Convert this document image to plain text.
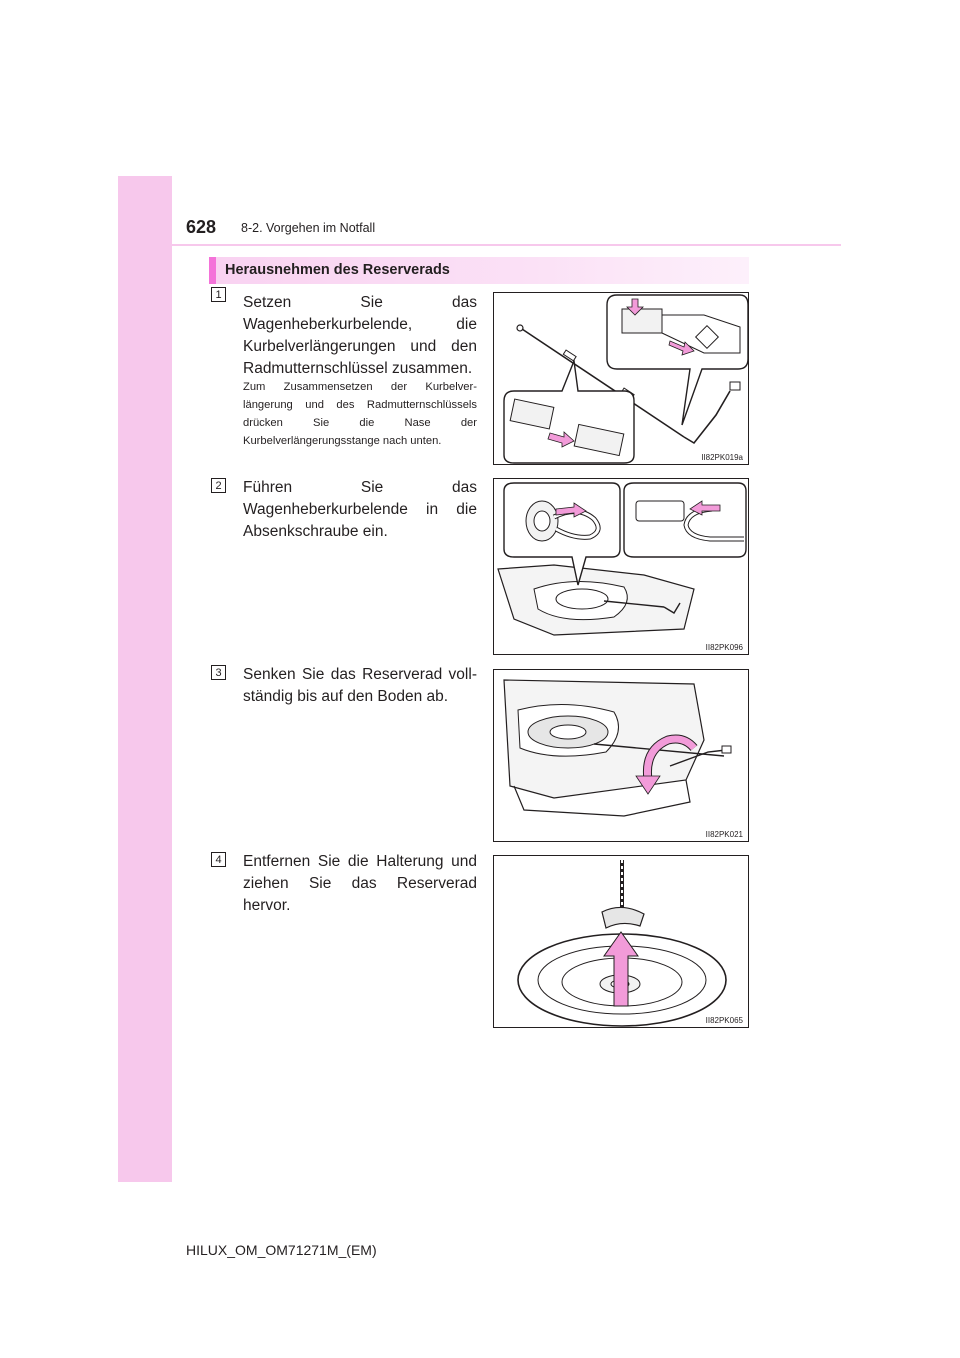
628 8-2. Vorgehen im Notfall
Herausnehmen des Reserverads
1 Setzen Sie das Wagenheberkurbelende, die Kurbelverlängerungen und den Radmutternschlüssel zusammen.
Zum Zusammensetzen der Kurbelverlängerung und des Radmutternschlüssels drücken Sie die Nase der Kurbelverlängerungsstange nach unten.
II82PK019a
2 Führen Sie das Wagenheberkurbelende in die Absenkschraube ein.
II82PK096
3 Senken Sie das Reserverad vollständig bis auf den Boden ab.
II82PK021
4 Entfernen Sie die Halterung und ziehen Sie das Reserverad hervor.
II82PK065
HILUX_OM_OM71271M_(EM)
